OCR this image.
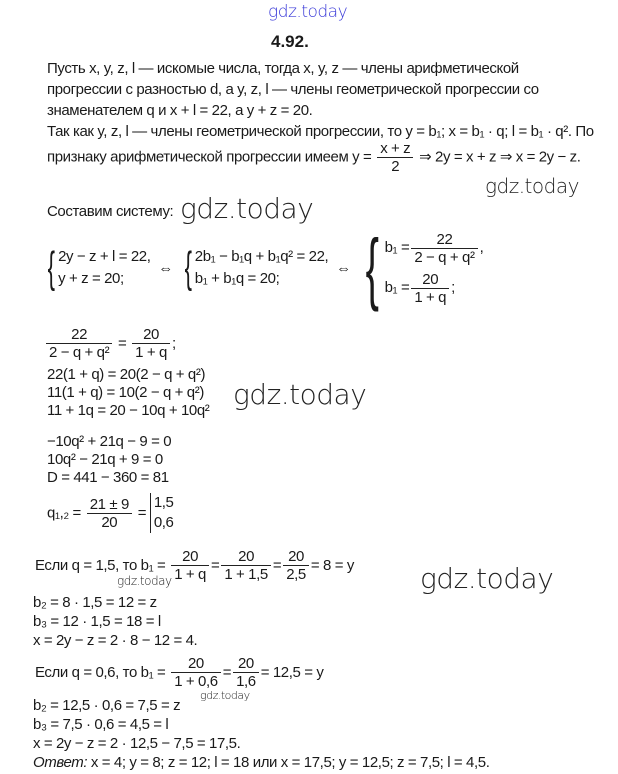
gdz.today
4.92.
Пусть x, y, z, l — искомые числа, тогда x, y, z — члены арифметической
прогрессии с разностью d, а y, z, l — члены геометрической прогрессии со
знаменателем q и x + l = 22, а y + z = 20.
Так как y, z, l — члены геометрической прогрессии, то y = b₁; x = b₁ · q; l = b₁ · q². По
признаку арифметической прогрессии имеем $y = \frac{x + z}{2}$ ⇒ 2y = x + z ⇒ x = 2y − z.
gdz.today
Составим систему: gdz.today
{ 2y − z + l = 22,
y + z = 20;
⇔ { 2b₁ − b₁q + b₁q² = 22,
b₁ + b₁q = 20;
⇔ { $b_1 = \frac{22}{\text{2 − q + q²}}$ ,
$b_1 = \frac{20}{1 + q}$ ;
$\frac{22}{\text{2 − q + q²}} = \frac{20}{1 + q}$ ;
22(1 + q) = 20(2 − q + q²)
11(1 + q) = 10(2 − q + q²)
11 + 1q = 20 − 10q + 10q² gdz.today
−10q² + 21q − 9 = 0
10q² − 21q + 9 = 0
D = 441 − 360 = 81
$q_1,_2 = \frac{21 \pm 9}{20}$ =
1,5
0,6
Если q = 1,5, то $b_1 = \frac{20}{1 + q} = \frac{20}{1 + 1,5} = \frac{20}{2,5} = 8 = y$
gdz.today	gdz.today
b₂ = 8 · 1,5 = 12 = z
b₃ = 12 · 1,5 = 18 = l
x = 2y − z = 2 · 8 − 12 = 4.
Если q = 0,6, то $b_1 = \frac{20}{1 + 0,6} = \frac{20}{1,6} = 12,5 = y$
b₂ = 12,5 · 0,6 = 7,5 = z
gdz.today
b₃ = 7,5 · 0,6 = 4,5 = l
x = 2y − z = 2 · 12,5 − 7,5 = 17,5.
Ответ: x = 4; y = 8; z = 12; l = 18 или x = 17,5; y = 12,5; z = 7,5; l = 4,5.
